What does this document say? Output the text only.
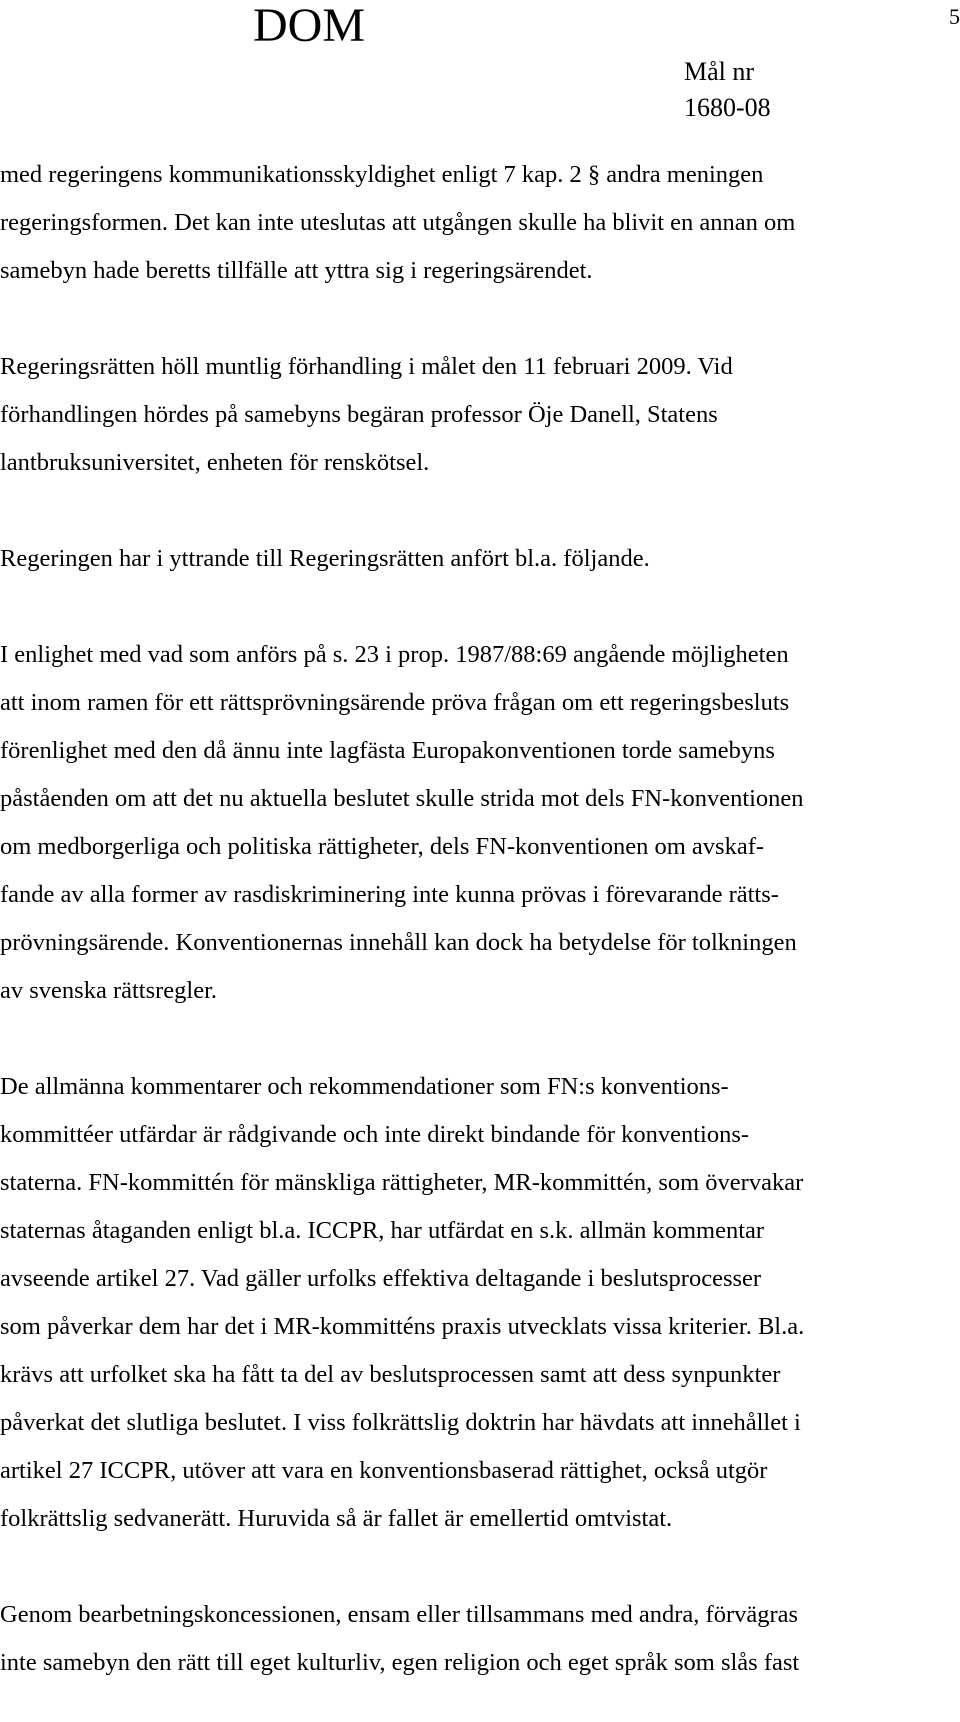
DOM	5
Mål nr
1680-08

med regeringens kommunikationsskyldighet enligt 7 kap. 2 § andra meningen
regeringsformen. Det kan inte uteslutas att utgången skulle ha blivit en annan om
samebyn hade beretts tillfälle att yttra sig i regeringsärendet.

Regeringsrätten höll muntlig förhandling i målet den 11 februari 2009. Vid
förhandlingen hördes på samebyns begäran professor Öje Danell, Statens
lantbruksuniversitet, enheten för renskötsel.

Regeringen har i yttrande till Regeringsrätten anfört bl.a. följande.

I enlighet med vad som anförs på s. 23 i prop. 1987/88:69 angående möjligheten
att inom ramen för ett rättsprövningsärende pröva frågan om ett regeringsbesluts
förenlighet med den då ännu inte lagfästa Europakonventionen torde samebyns
påståenden om att det nu aktuella beslutet skulle strida mot dels FN-konventionen
om medborgerliga och politiska rättigheter, dels FN-konventionen om avskaf-
fande av alla former av rasdiskriminering inte kunna prövas i förevarande rätts-
prövningsärende. Konventionernas innehåll kan dock ha betydelse för tolkningen
av svenska rättsregler.

De allmänna kommentarer och rekommendationer som FN:s konventions-
kommittéer utfärdar är rådgivande och inte direkt bindande för konventions-
staterna. FN-kommittén för mänskliga rättigheter, MR-kommittén, som övervakar
staternas åtaganden enligt bl.a. ICCPR, har utfärdat en s.k. allmän kommentar
avseende artikel 27. Vad gäller urfolks effektiva deltagande i beslutsprocesser
som påverkar dem har det i MR-kommitténs praxis utvecklats vissa kriterier. Bl.a.
krävs att urfolket ska ha fått ta del av beslutsprocessen samt att dess synpunkter
påverkat det slutliga beslutet. I viss folkrättslig doktrin har hävdats att innehållet i
artikel 27 ICCPR, utöver att vara en konventionsbaserad rättighet, också utgör
folkrättslig sedvanerätt. Huruvida så är fallet är emellertid omtvistat.

Genom bearbetningskoncessionen, ensam eller tillsammans med andra, förvägras
inte samebyn den rätt till eget kulturliv, egen religion och eget språk som slås fast
